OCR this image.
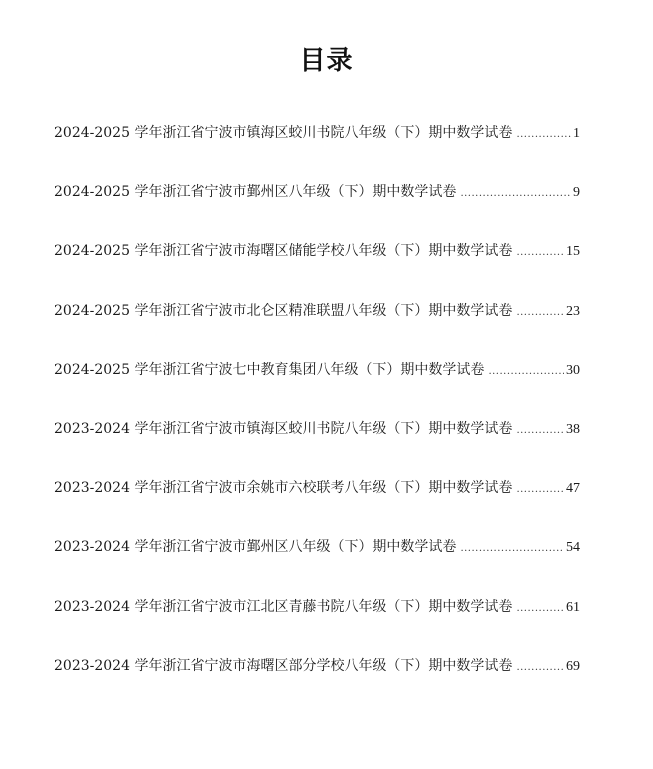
目录
2024-2025 学年浙江省宁波市镇海区蛟川书院八年级（下）期中数学试卷 .....	1
2024-2025 学年浙江省宁波市鄞州区八年级（下）期中数学试卷 .....	9
2024-2025 学年浙江省宁波市海曙区储能学校八年级（下）期中数学试卷 .....	15
2024-2025 学年浙江省宁波市北仑区精准联盟八年级（下）期中数学试卷 .....	23
2024-2025 学年浙江省宁波七中教育集团八年级（下）期中数学试卷 .....	30
2023-2024 学年浙江省宁波市镇海区蛟川书院八年级（下）期中数学试卷 .....	38
2023-2024 学年浙江省宁波市余姚市六校联考八年级（下）期中数学试卷 .....	47
2023-2024 学年浙江省宁波市鄞州区八年级（下）期中数学试卷 .....	54
2023-2024 学年浙江省宁波市江北区青藤书院八年级（下）期中数学试卷 .....	61
2023-2024 学年浙江省宁波市海曙区部分学校八年级（下）期中数学试卷 .....	69
